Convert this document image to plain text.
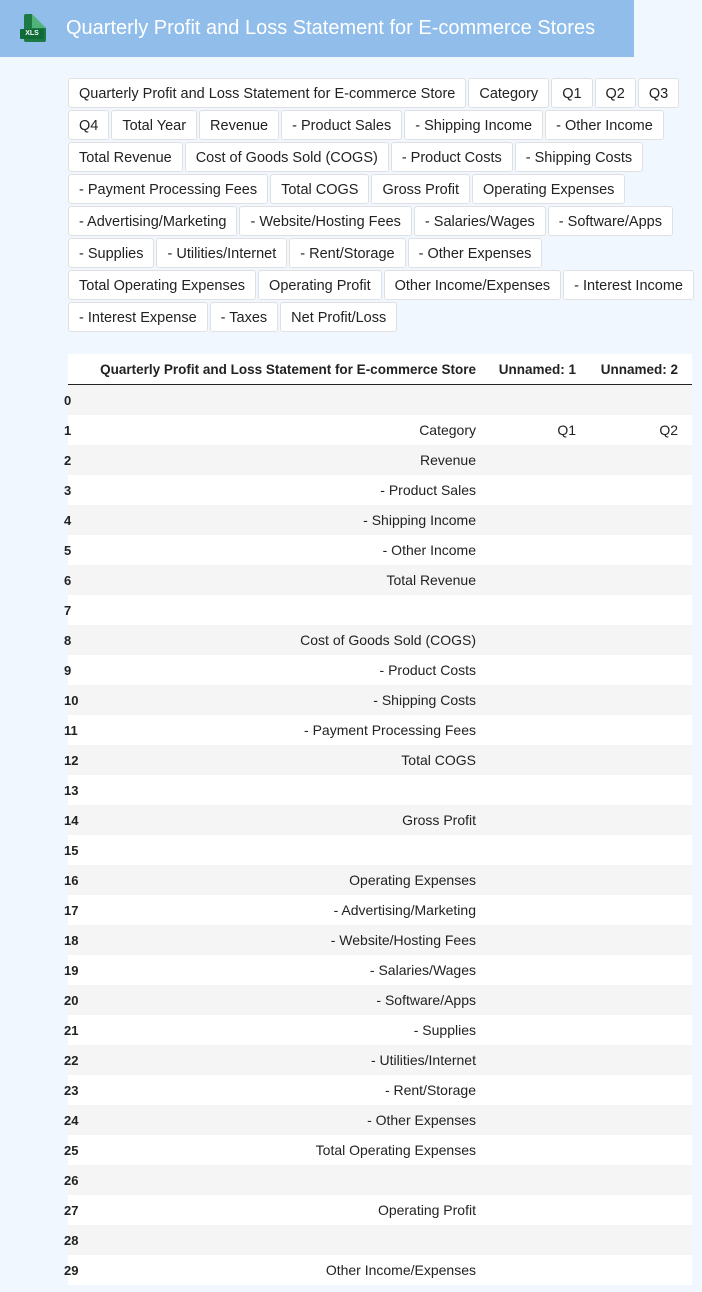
XLS Quarterly Profit and Loss Statement for E-commerce Stores
Quarterly Profit and Loss Statement for E-commerce Store	Category	Q1	Q2	Q3
Q4	Total Year	Revenue	- Product Sales	- Shipping Income	- Other Income
Total Revenue	Cost of Goods Sold (COGS)	- Product Costs	- Shipping Costs
- Payment Processing Fees	Total COGS	Gross Profit	Operating Expenses
- Advertising/Marketing	- Website/Hosting Fees	- Salaries/Wages	- Software/Apps
- Supplies	- Utilities/Internet	- Rent/Storage	- Other Expenses
Total Operating Expenses	Operating Profit	Other Income/Expenses	- Interest Income
- Interest Expense	- Taxes	Net Profit/Loss
	Quarterly Profit and Loss Statement for E-commerce Store	Unnamed: 1	Unnamed: 2
0			
1	Category	Q1	Q2
2	Revenue		
3	- Product Sales		
4	- Shipping Income		
5	- Other Income		
6	Total Revenue		
7			
8	Cost of Goods Sold (COGS)		
9	- Product Costs		
10	- Shipping Costs		
11	- Payment Processing Fees		
12	Total COGS		
13			
14	Gross Profit		
15			
16	Operating Expenses		
17	- Advertising/Marketing		
18	- Website/Hosting Fees		
19	- Salaries/Wages		
20	- Software/Apps		
21	- Supplies		
22	- Utilities/Internet		
23	- Rent/Storage		
24	- Other Expenses		
25	Total Operating Expenses		
26			
27	Operating Profit		
28			
29	Other Income/Expenses		
